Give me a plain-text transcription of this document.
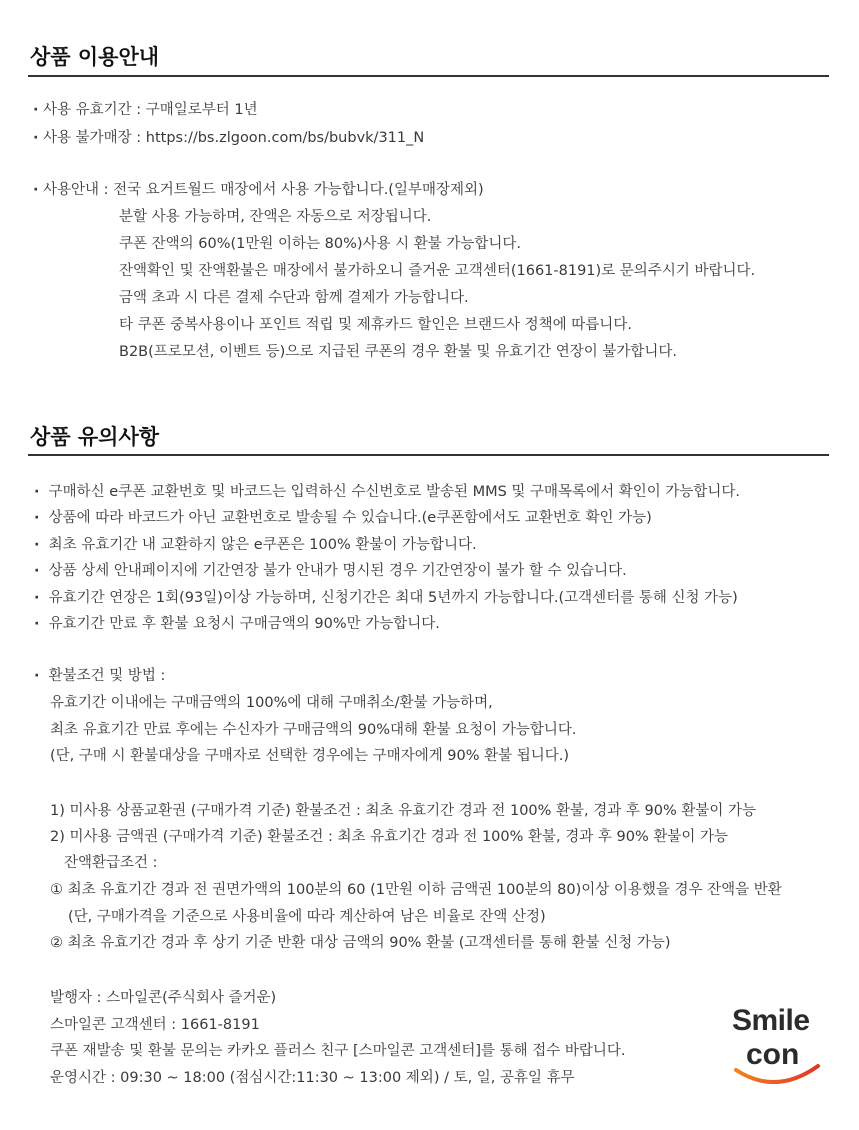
상품 이용안내
· 사용 유효기간 : 구매일로부터 1년
· 사용 불가매장 : https://bs.zlgoon.com/bs/bubvk/311_N
· 사용안내 : 전국 요거트월드 매장에서 사용 가능합니다.(일부매장제외)
분할 사용 가능하며, 잔액은 자동으로 저장됩니다.
쿠폰 잔액의 60%(1만원 이하는 80%)사용 시 환불 가능합니다.
잔액확인 및 잔액환불은 매장에서 불가하오니 즐거운 고객센터(1661-8191)로 문의주시기 바랍니다.
금액 초과 시 다른 결제 수단과 함께 결제가 가능합니다.
타 쿠폰 중복사용이나 포인트 적립 및 제휴카드 할인은 브랜드사 정책에 따릅니다.
B2B(프로모션, 이벤트 등)으로 지급된 쿠폰의 경우 환불 및 유효기간 연장이 불가합니다.
상품 유의사항
· 구매하신 e쿠폰 교환번호 및 바코드는 입력하신 수신번호로 발송된 MMS 및 구매목록에서 확인이 가능합니다.
· 상품에 따라 바코드가 아닌 교환번호로 발송될 수 있습니다.(e쿠폰함에서도 교환번호 확인 가능)
· 최초 유효기간 내 교환하지 않은 e쿠폰은 100% 환불이 가능합니다.
· 상품 상세 안내페이지에 기간연장 불가 안내가 명시된 경우 기간연장이 불가 할 수 있습니다.
· 유효기간 연장은 1회(93일)이상 가능하며, 신청기간은 최대 5년까지 가능합니다.(고객센터를 통해 신청 가능)
· 유효기간 만료 후 환불 요청시 구매금액의 90%만 가능합니다.
· 환불조건 및 방법 :
유효기간 이내에는 구매금액의 100%에 대해 구매취소/환불 가능하며,
최초 유효기간 만료 후에는 수신자가 구매금액의 90%대해 환불 요청이 가능합니다.
(단, 구매 시 환불대상을 구매자로 선택한 경우에는 구매자에게 90% 환불 됩니다.)
1) 미사용 상품교환권 (구매가격 기준) 환불조건 : 최초 유효기간 경과 전 100% 환불, 경과 후 90% 환불이 가능
2) 미사용 금액권 (구매가격 기준) 환불조건 : 최초 유효기간 경과 전 100% 환불, 경과 후 90% 환불이 가능
잔액환급조건 :
① 최초 유효기간 경과 전 권면가액의 100분의 60 (1만원 이하 금액권 100분의 80)이상 이용했을 경우 잔액을 반환
(단, 구매가격을 기준으로 사용비율에 따라 계산하여 남은 비율로 잔액 산정)
② 최초 유효기간 경과 후 상기 기준 반환 대상 금액의 90% 환불 (고객센터를 통해 환불 신청 가능)
발행자 : 스마일콘(주식회사 즐거운)
스마일콘 고객센터 : 1661-8191
쿠폰 재발송 및 환불 문의는 카카오 플러스 친구 [스마일콘 고객센터]를 통해 접수 바랍니다.
운영시간 : 09:30 ~ 18:00 (점심시간:11:30 ~ 13:00 제외) / 토, 일, 공휴일 휴무
Smile
con
